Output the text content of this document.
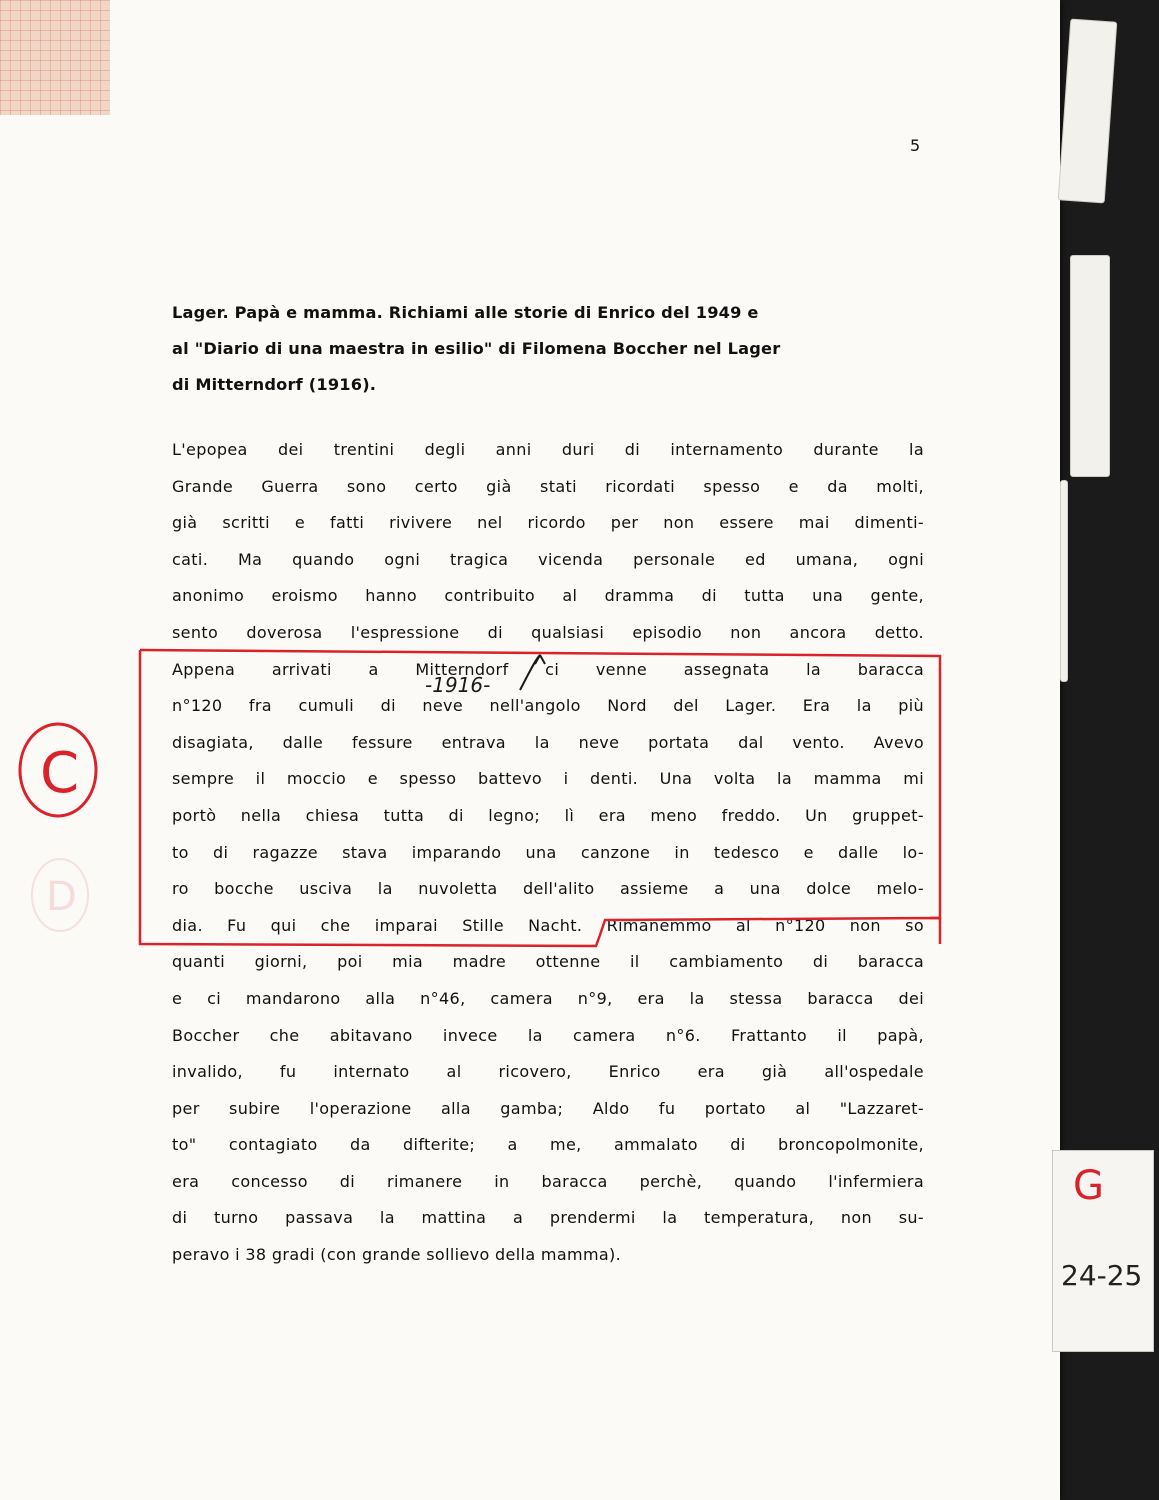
5
Lager. Papà e mamma. Richiami alle storie di Enrico del 1949 e
al "Diario di una maestra in esilio" di Filomena Boccher nel Lager
di Mitterndorf (1916).
L'epopea dei trentini degli anni duri di internamento durante la
Grande Guerra sono certo già stati ricordati spesso e da molti,
già scritti e fatti rivivere nel ricordo per non essere mai dimenti-
cati. Ma quando ogni tragica vicenda personale ed umana, ogni
anonimo eroismo hanno contribuito al dramma di tutta una gente,
sento doverosa l'espressione di qualsiasi episodio non ancora detto.
Appena arrivati a Mitterndorf ci venne assegnata la baracca
n°120 fra cumuli di neve nell'angolo Nord del Lager. Era la più
disagiata, dalle fessure entrava la neve portata dal vento. Avevo
sempre il moccio e spesso battevo i denti. Una volta la mamma mi
portò nella chiesa tutta di legno; lì era meno freddo. Un gruppet-
to di ragazze stava imparando una canzone in tedesco e dalle lo-
ro bocche usciva la nuvoletta dell'alito assieme a una dolce melo-
dia. Fu qui che imparai Stille Nacht. Rimanemmo al n°120 non so
quanti giorni, poi mia madre ottenne il cambiamento di baracca
e ci mandarono alla n°46, camera n°9, era la stessa baracca dei
Boccher che abitavano invece la camera n°6. Frattanto il papà,
invalido, fu internato al ricovero, Enrico era già all'ospedale
per subire l'operazione alla gamba; Aldo fu portato al "Lazzaret-
to" contagiato da difterite; a me, ammalato di broncopolmonite,
era concesso di rimanere in baracca perchè, quando l'infermiera
di turno passava la mattina a prendermi la temperatura, non su-
peravo i 38 gradi (con grande sollievo della mamma).
C
D
-1916-
G
24-25
